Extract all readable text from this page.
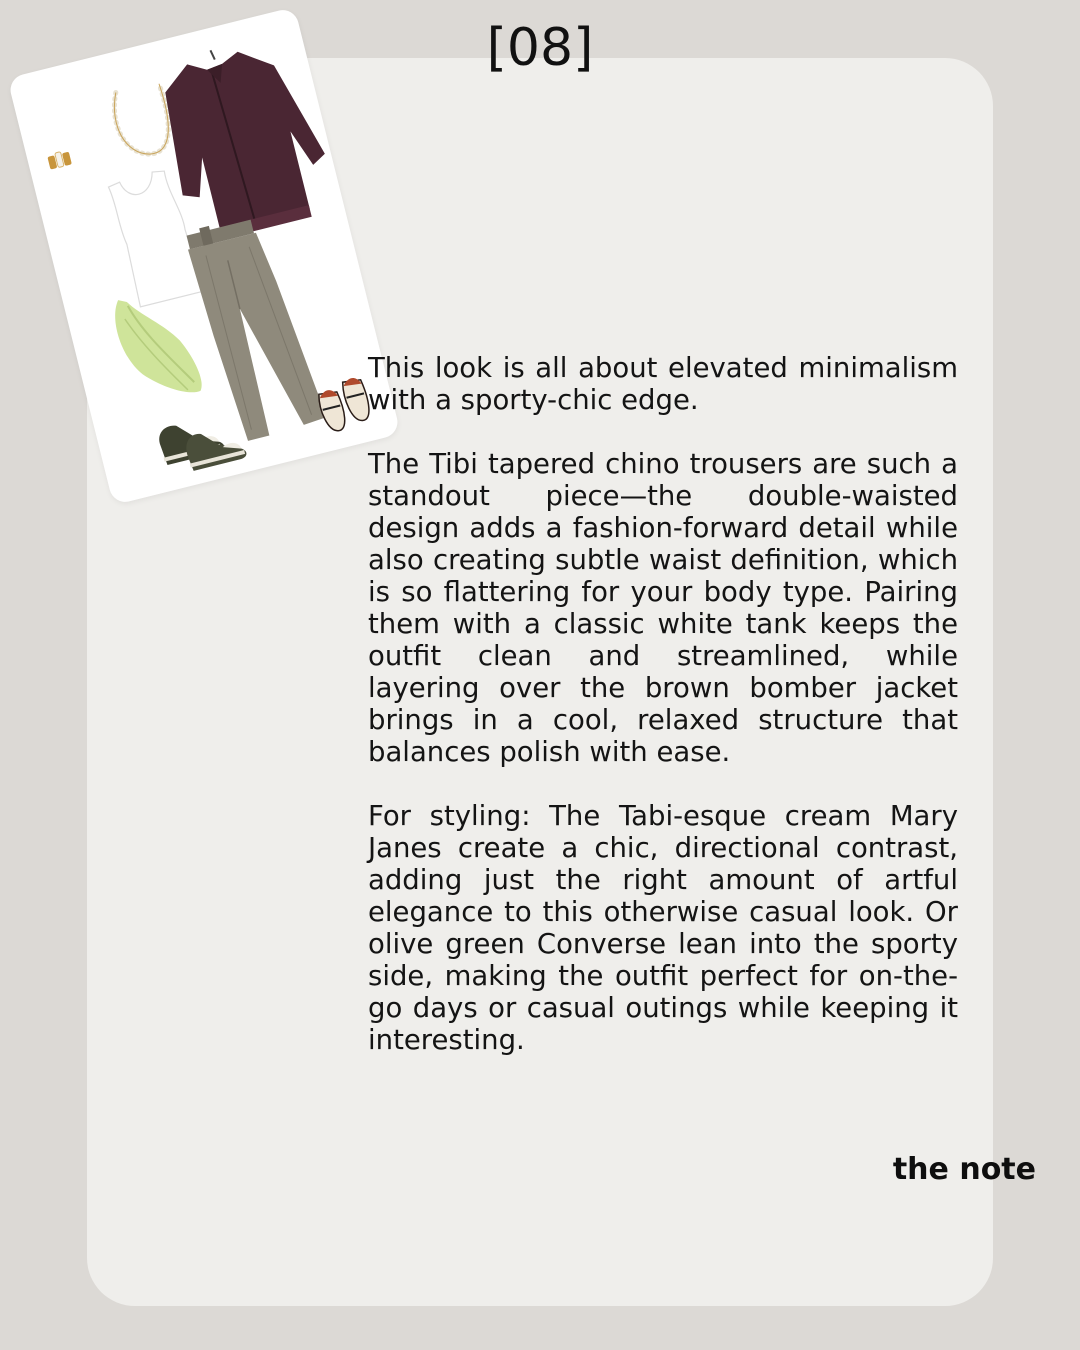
[08]

This look is all about elevated minimalism with a sporty-chic edge.

The Tibi tapered chino trousers are such a standout piece—the double-waisted design adds a fashion-forward detail while also creating subtle waist definition, which is so flattering for your body type. Pairing them with a classic white tank keeps the outfit clean and streamlined, while layering over the brown bomber jacket brings in a cool, relaxed structure that balances polish with ease.

For styling: The Tabi-esque cream Mary Janes create a chic, directional contrast, adding just the right amount of artful elegance to this otherwise casual look. Or olive green Converse lean into the sporty side, making the outfit perfect for on-the-go days or casual outings while keeping it interesting.

the note
